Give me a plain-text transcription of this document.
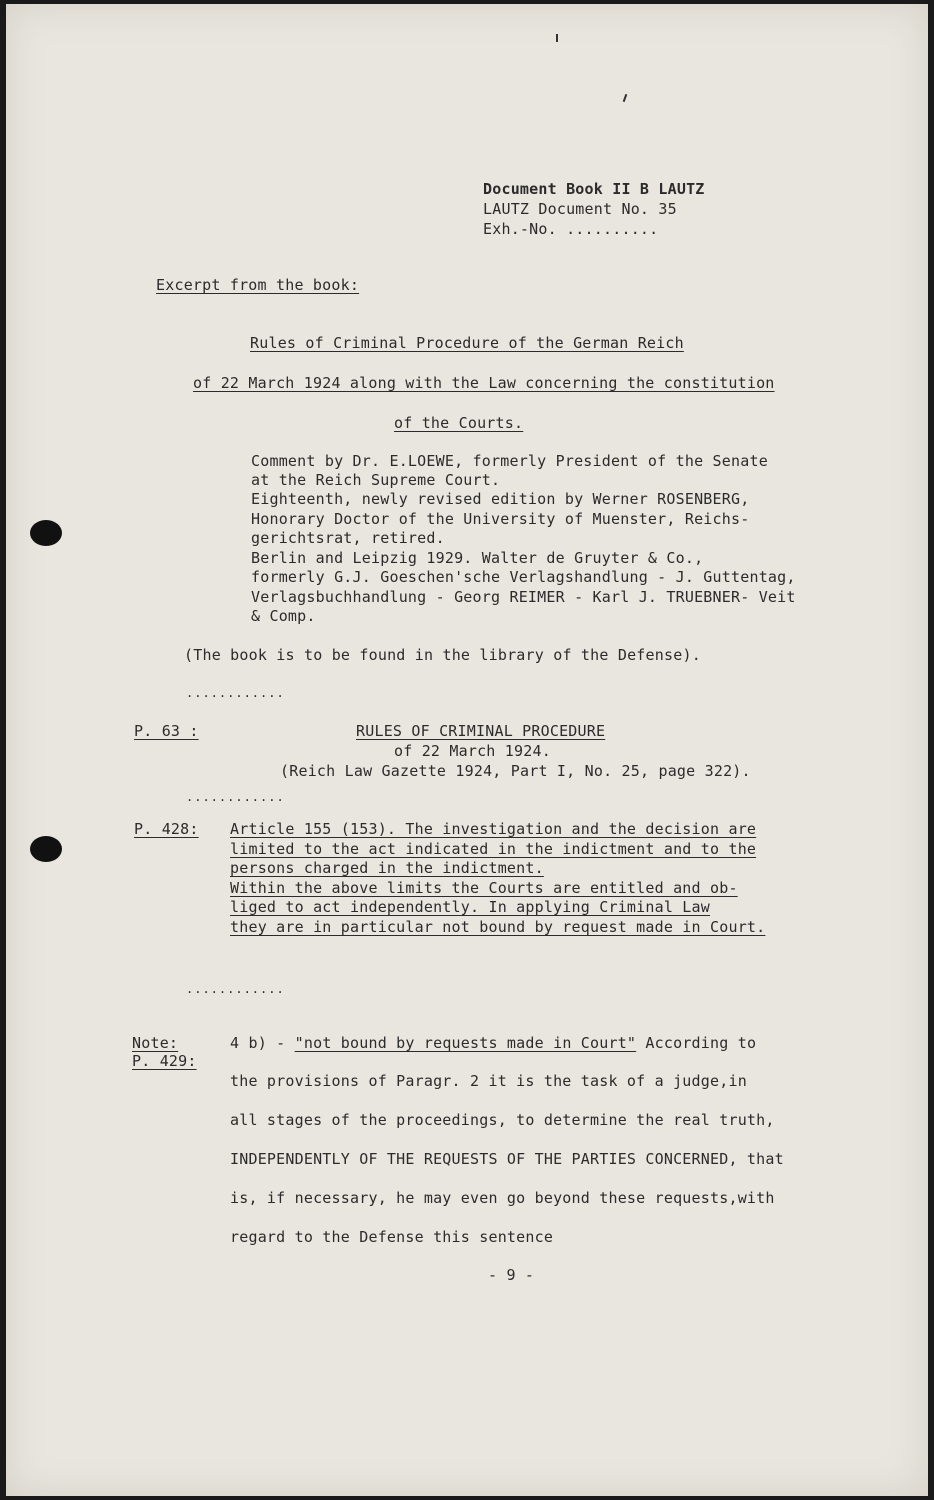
Document Book II B LAUTZ
LAUTZ Document No. 35
Exh.-No. ..........
Excerpt from the book:
Rules of Criminal Procedure of the German Reich
of 22 March 1924 along with the Law concerning the constitution
of the Courts.
Comment by Dr. E.LOEWE, formerly President of the Senate
at the Reich Supreme Court.
Eighteenth, newly revised edition by Werner ROSENBERG,
Honorary Doctor of the University of Muenster, Reichs-
gerichtsrat, retired.
Berlin and Leipzig 1929. Walter de Gruyter & Co.,
formerly G.J. Goeschen'sche Verlagshandlung - J. Guttentag,
Verlagsbuchhandlung - Georg REIMER - Karl J. TRUEBNER- Veit
& Comp.
(The book is to be found in the library of the Defense).
............
P. 63 :	RULES OF CRIMINAL PROCEDURE
of 22 March 1924.
(Reich Law Gazette 1924, Part I, No. 25, page 322).
............
P. 428: Article 155 (153). The investigation and the decision are
limited to the act indicated in the indictment and to the
persons charged in the indictment.
Within the above limits the Courts are entitled and ob-
liged to act independently. In applying Criminal Law
they are in particular not bound by request made in Court.
............
Note:
P. 429:
4 b) - "not bound by requests made in Court" According to
the provisions of Paragr. 2 it is the task of a judge,in
all stages of the proceedings, to determine the real truth,
INDEPENDENTLY OF THE REQUESTS OF THE PARTIES CONCERNED, that
is, if necessary, he may even go beyond these requests,with
regard to the Defense this sentence
- 9 -
